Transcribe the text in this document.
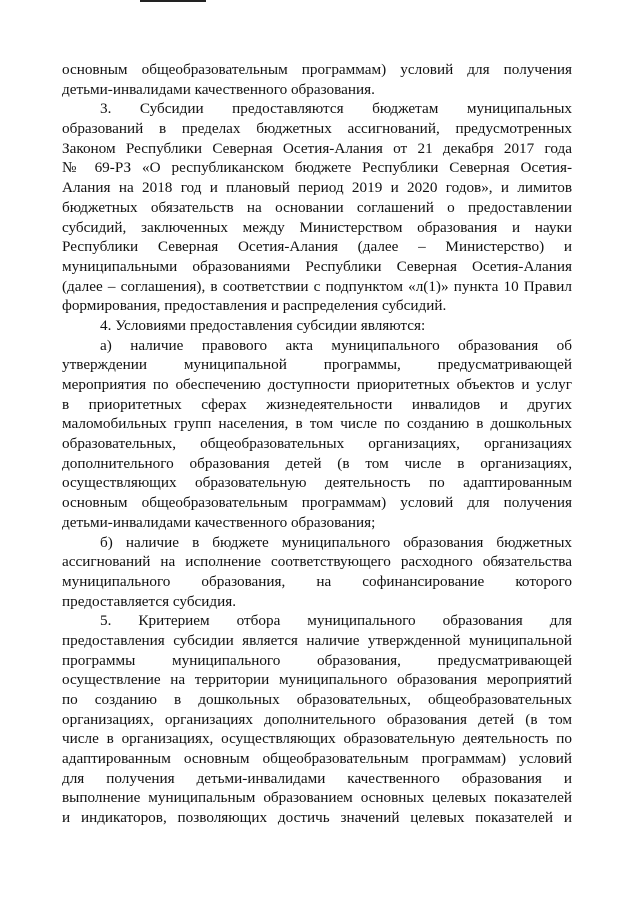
основным общеобразовательным программам) условий для получения
детьми-инвалидами качественного образования.
3. Субсидии предоставляются бюджетам муниципальных
образований в пределах бюджетных ассигнований, предусмотренных
Законом Республики Северная Осетия-Алания от 21 декабря 2017 года
№ 69-РЗ «О республиканском бюджете Республики Северная Осетия-
Алания на 2018 год и плановый период 2019 и 2020 годов», и лимитов
бюджетных обязательств на основании соглашений о предоставлении
субсидий, заключенных между Министерством образования и науки
Республики Северная Осетия-Алания (далее – Министерство) и
муниципальными образованиями Республики Северная Осетия-Алания
(далее – соглашения), в соответствии с подпунктом «л(1)» пункта 10 Правил
формирования, предоставления и распределения субсидий.
4. Условиями предоставления субсидии являются:
а) наличие правового акта муниципального образования об
утверждении муниципальной программы, предусматривающей
мероприятия по обеспечению доступности приоритетных объектов и услуг
в приоритетных сферах жизнедеятельности инвалидов и других
маломобильных групп населения, в том числе по созданию в дошкольных
образовательных, общеобразовательных организациях, организациях
дополнительного образования детей (в том числе в организациях,
осуществляющих образовательную деятельность по адаптированным
основным общеобразовательным программам) условий для получения
детьми-инвалидами качественного образования;
б) наличие в бюджете муниципального образования бюджетных
ассигнований на исполнение соответствующего расходного обязательства
муниципального образования, на софинансирование которого
предоставляется субсидия.
5. Критерием отбора муниципального образования для
предоставления субсидии является наличие утвержденной муниципальной
программы муниципального образования, предусматривающей
осуществление на территории муниципального образования мероприятий
по созданию в дошкольных образовательных, общеобразовательных
организациях, организациях дополнительного образования детей (в том
числе в организациях, осуществляющих образовательную деятельность по
адаптированным основным общеобразовательным программам) условий
для получения детьми-инвалидами качественного образования и
выполнение муниципальным образованием основных целевых показателей
и индикаторов, позволяющих достичь значений целевых показателей и
